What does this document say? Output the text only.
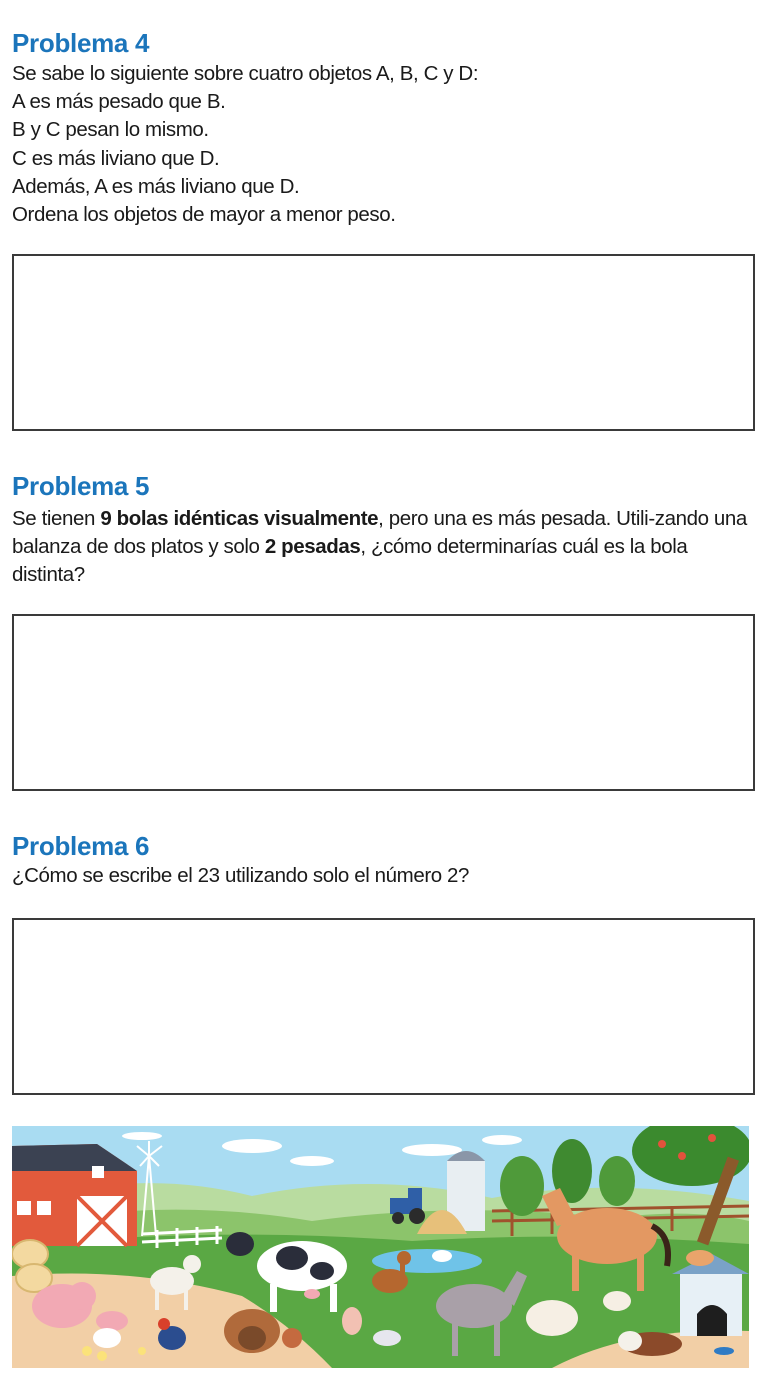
Problema 4

Se sabe lo siguiente sobre cuatro objetos A, B, C y D:

A es más pesado que B.

B y C pesan lo mismo.

C es más liviano que D.

Además, A es más liviano que D.

Ordena los objetos de mayor a menor peso.

Problema 5

Se tienen 9 bolas idénticas visualmente, pero una es más pesada. Utili-zando una balanza de dos platos y solo 2 pesadas, ¿cómo determinarías cuál es la bola distinta?

Problema 6

¿Cómo se escribe el 23 utilizando solo el número 2?
